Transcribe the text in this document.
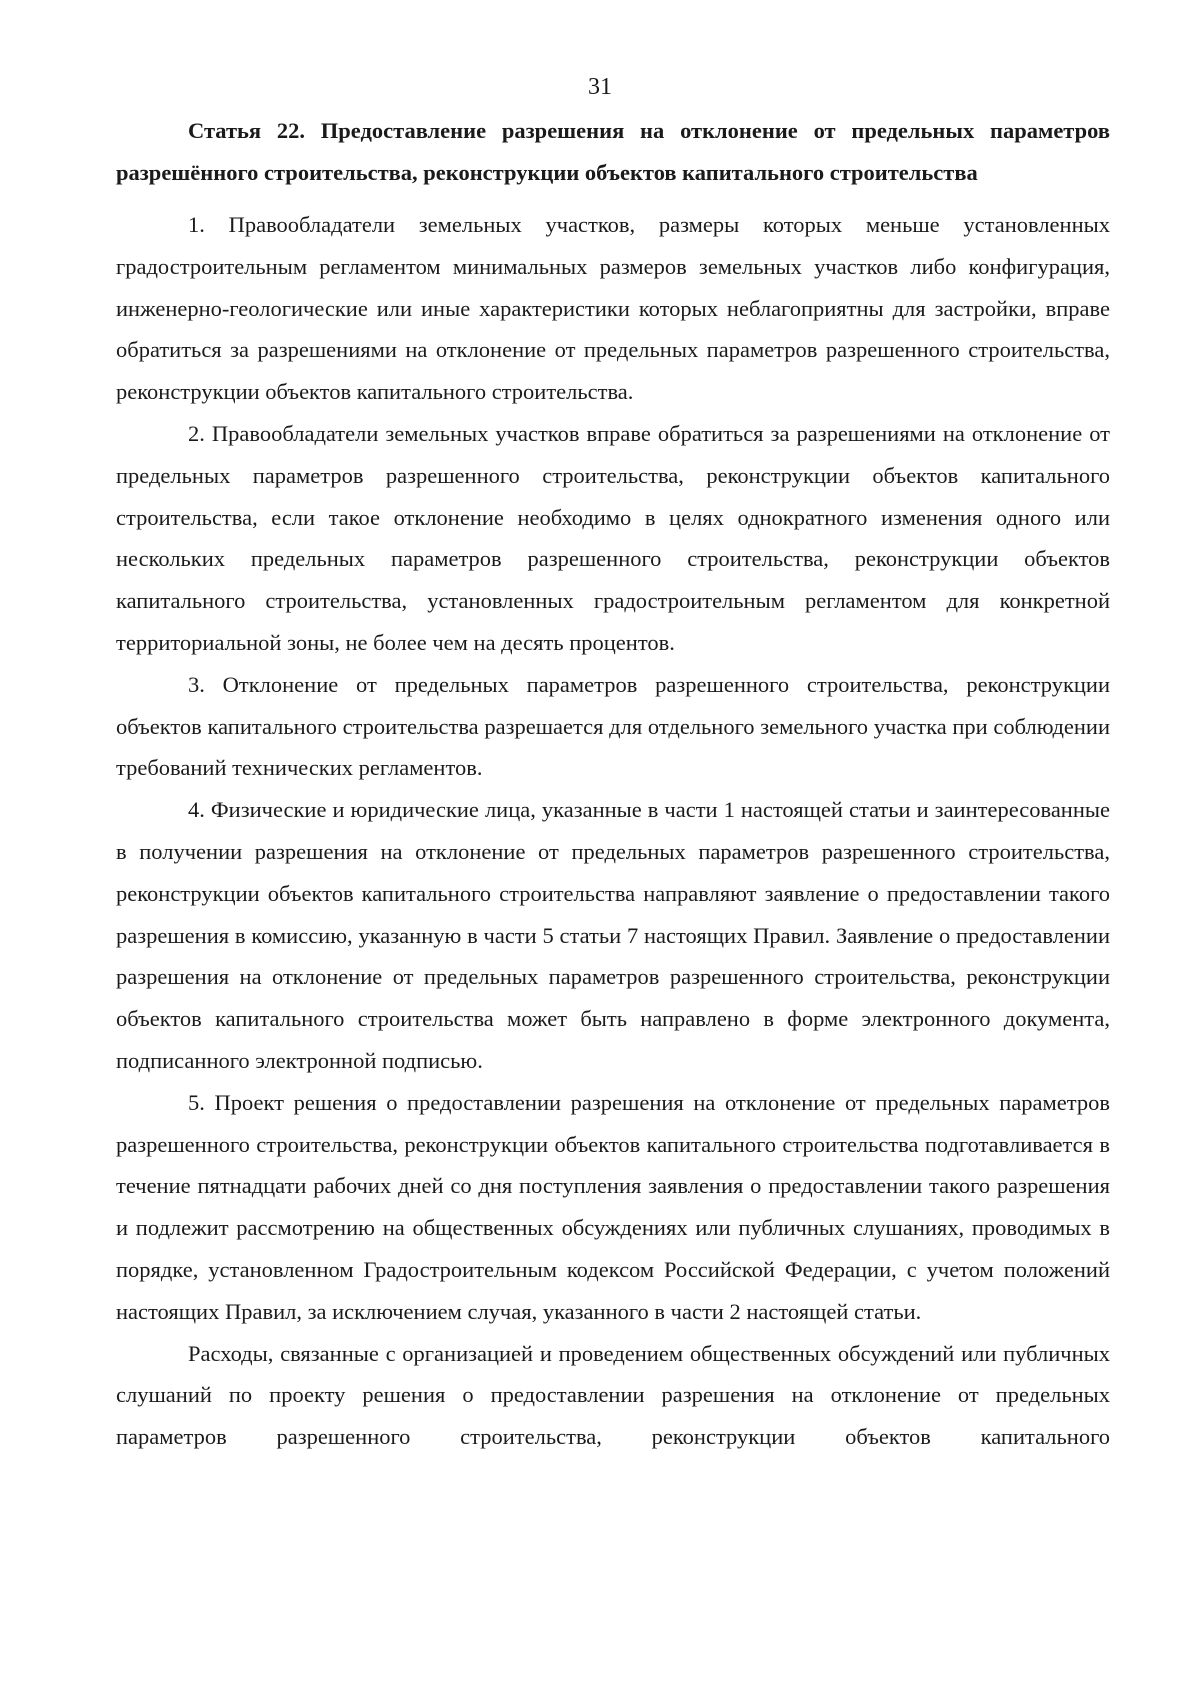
31
Статья 22. Предоставление разрешения на отклонение от предельных параметров разрешённого строительства, реконструкции объектов капитального строительства

1. Правообладатели земельных участков, размеры которых меньше установленных градостроительным регламентом минимальных размеров земельных участков либо конфигурация, инженерно-геологические или иные характеристики которых неблагоприятны для застройки, вправе обратиться за разрешениями на отклонение от предельных параметров разрешенного строительства, реконструкции объектов капитального строительства.

2. Правообладатели земельных участков вправе обратиться за разрешениями на отклонение от предельных параметров разрешенного строительства, реконструкции объектов капитального строительства, если такое отклонение необходимо в целях однократного изменения одного или нескольких предельных параметров разрешенного строительства, реконструкции объектов капитального строительства, установленных градостроительным регламентом для конкретной территориальной зоны, не более чем на десять процентов.

3. Отклонение от предельных параметров разрешенного строительства, реконструкции объектов капитального строительства разрешается для отдельного земельного участка при соблюдении требований технических регламентов.

4. Физические и юридические лица, указанные в части 1 настоящей статьи и заинтересованные в получении разрешения на отклонение от предельных параметров разрешенного строительства, реконструкции объектов капитального строительства направляют заявление о предоставлении такого разрешения в комиссию, указанную в части 5 статьи 7 настоящих Правил. Заявление о предоставлении разрешения на отклонение от предельных параметров разрешенного строительства, реконструкции объектов капитального строительства может быть направлено в форме электронного документа, подписанного электронной подписью.

5. Проект решения о предоставлении разрешения на отклонение от предельных параметров разрешенного строительства, реконструкции объектов капитального строительства подготавливается в течение пятнадцати рабочих дней со дня поступления заявления о предоставлении такого разрешения и подлежит рассмотрению на общественных обсуждениях или публичных слушаниях, проводимых в порядке, установленном Градостроительным кодексом Российской Федерации, с учетом положений настоящих Правил, за исключением случая, указанного в части 2 настоящей статьи.

Расходы, связанные с организацией и проведением общественных обсуждений или публичных слушаний по проекту решения о предоставлении разрешения на отклонение от предельных параметров разрешенного строительства, реконструкции объектов капитального
